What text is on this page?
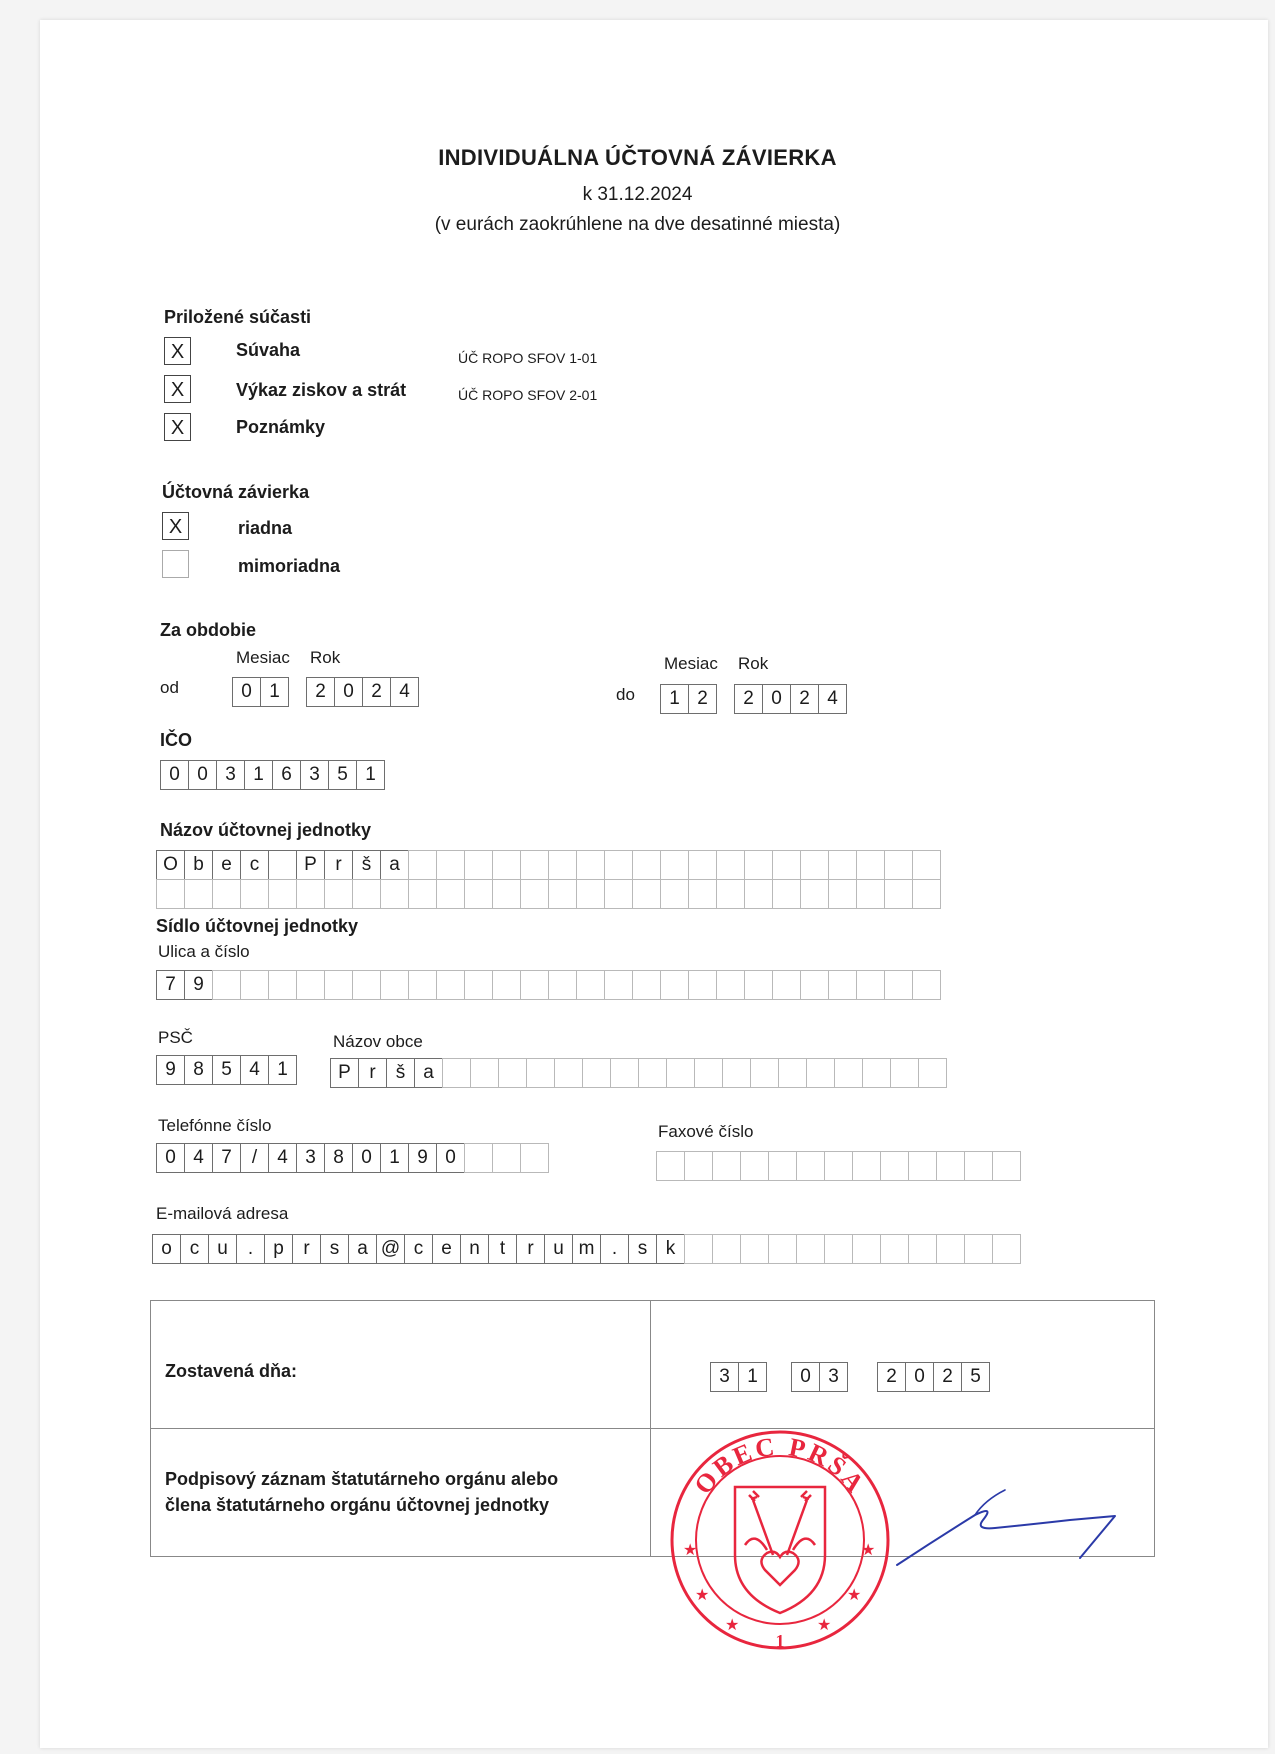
INDIVIDUÁLNA ÚČTOVNÁ ZÁVIERKA
k 31.12.2024
(v eurách zaokrúhlene na dve desatinné miesta)
Priložené súčasti
X	Súvaha	ÚČ ROPO SFOV 1-01
X	Výkaz ziskov a strát	ÚČ ROPO SFOV 2-01
X	Poznámky
Účtovná závierka
X	riadna
mimoriadna
Za obdobie
Mesiac Rok
od	0 1	2 0 2 4
Mesiac Rok
do	1 2	2 0 2 4
IČO
0 0 3 1 6 3 5 1
Názov účtovnej jednotky
O b e c	P r	š a
Sídlo účtovnej jednotky
Ulica a číslo
7 9
PSČ
9 8 5 4 1
Názov obce
P r	š a
Telefónne číslo
0 4 7	/	4 3 8 0 1 9 0
Faxové číslo
E-mailová adresa
o c u	.	p	r	s a @ c e n	t	r	u m .	s k
Zostavená dňa:	3 1	0 3	2 0 2 5
Podpisový záznam štatutárneho orgánu alebo člena štatutárneho orgánu účtovnej jednotky
OBEC PRŠA
★	★
★	★
★	★
1
